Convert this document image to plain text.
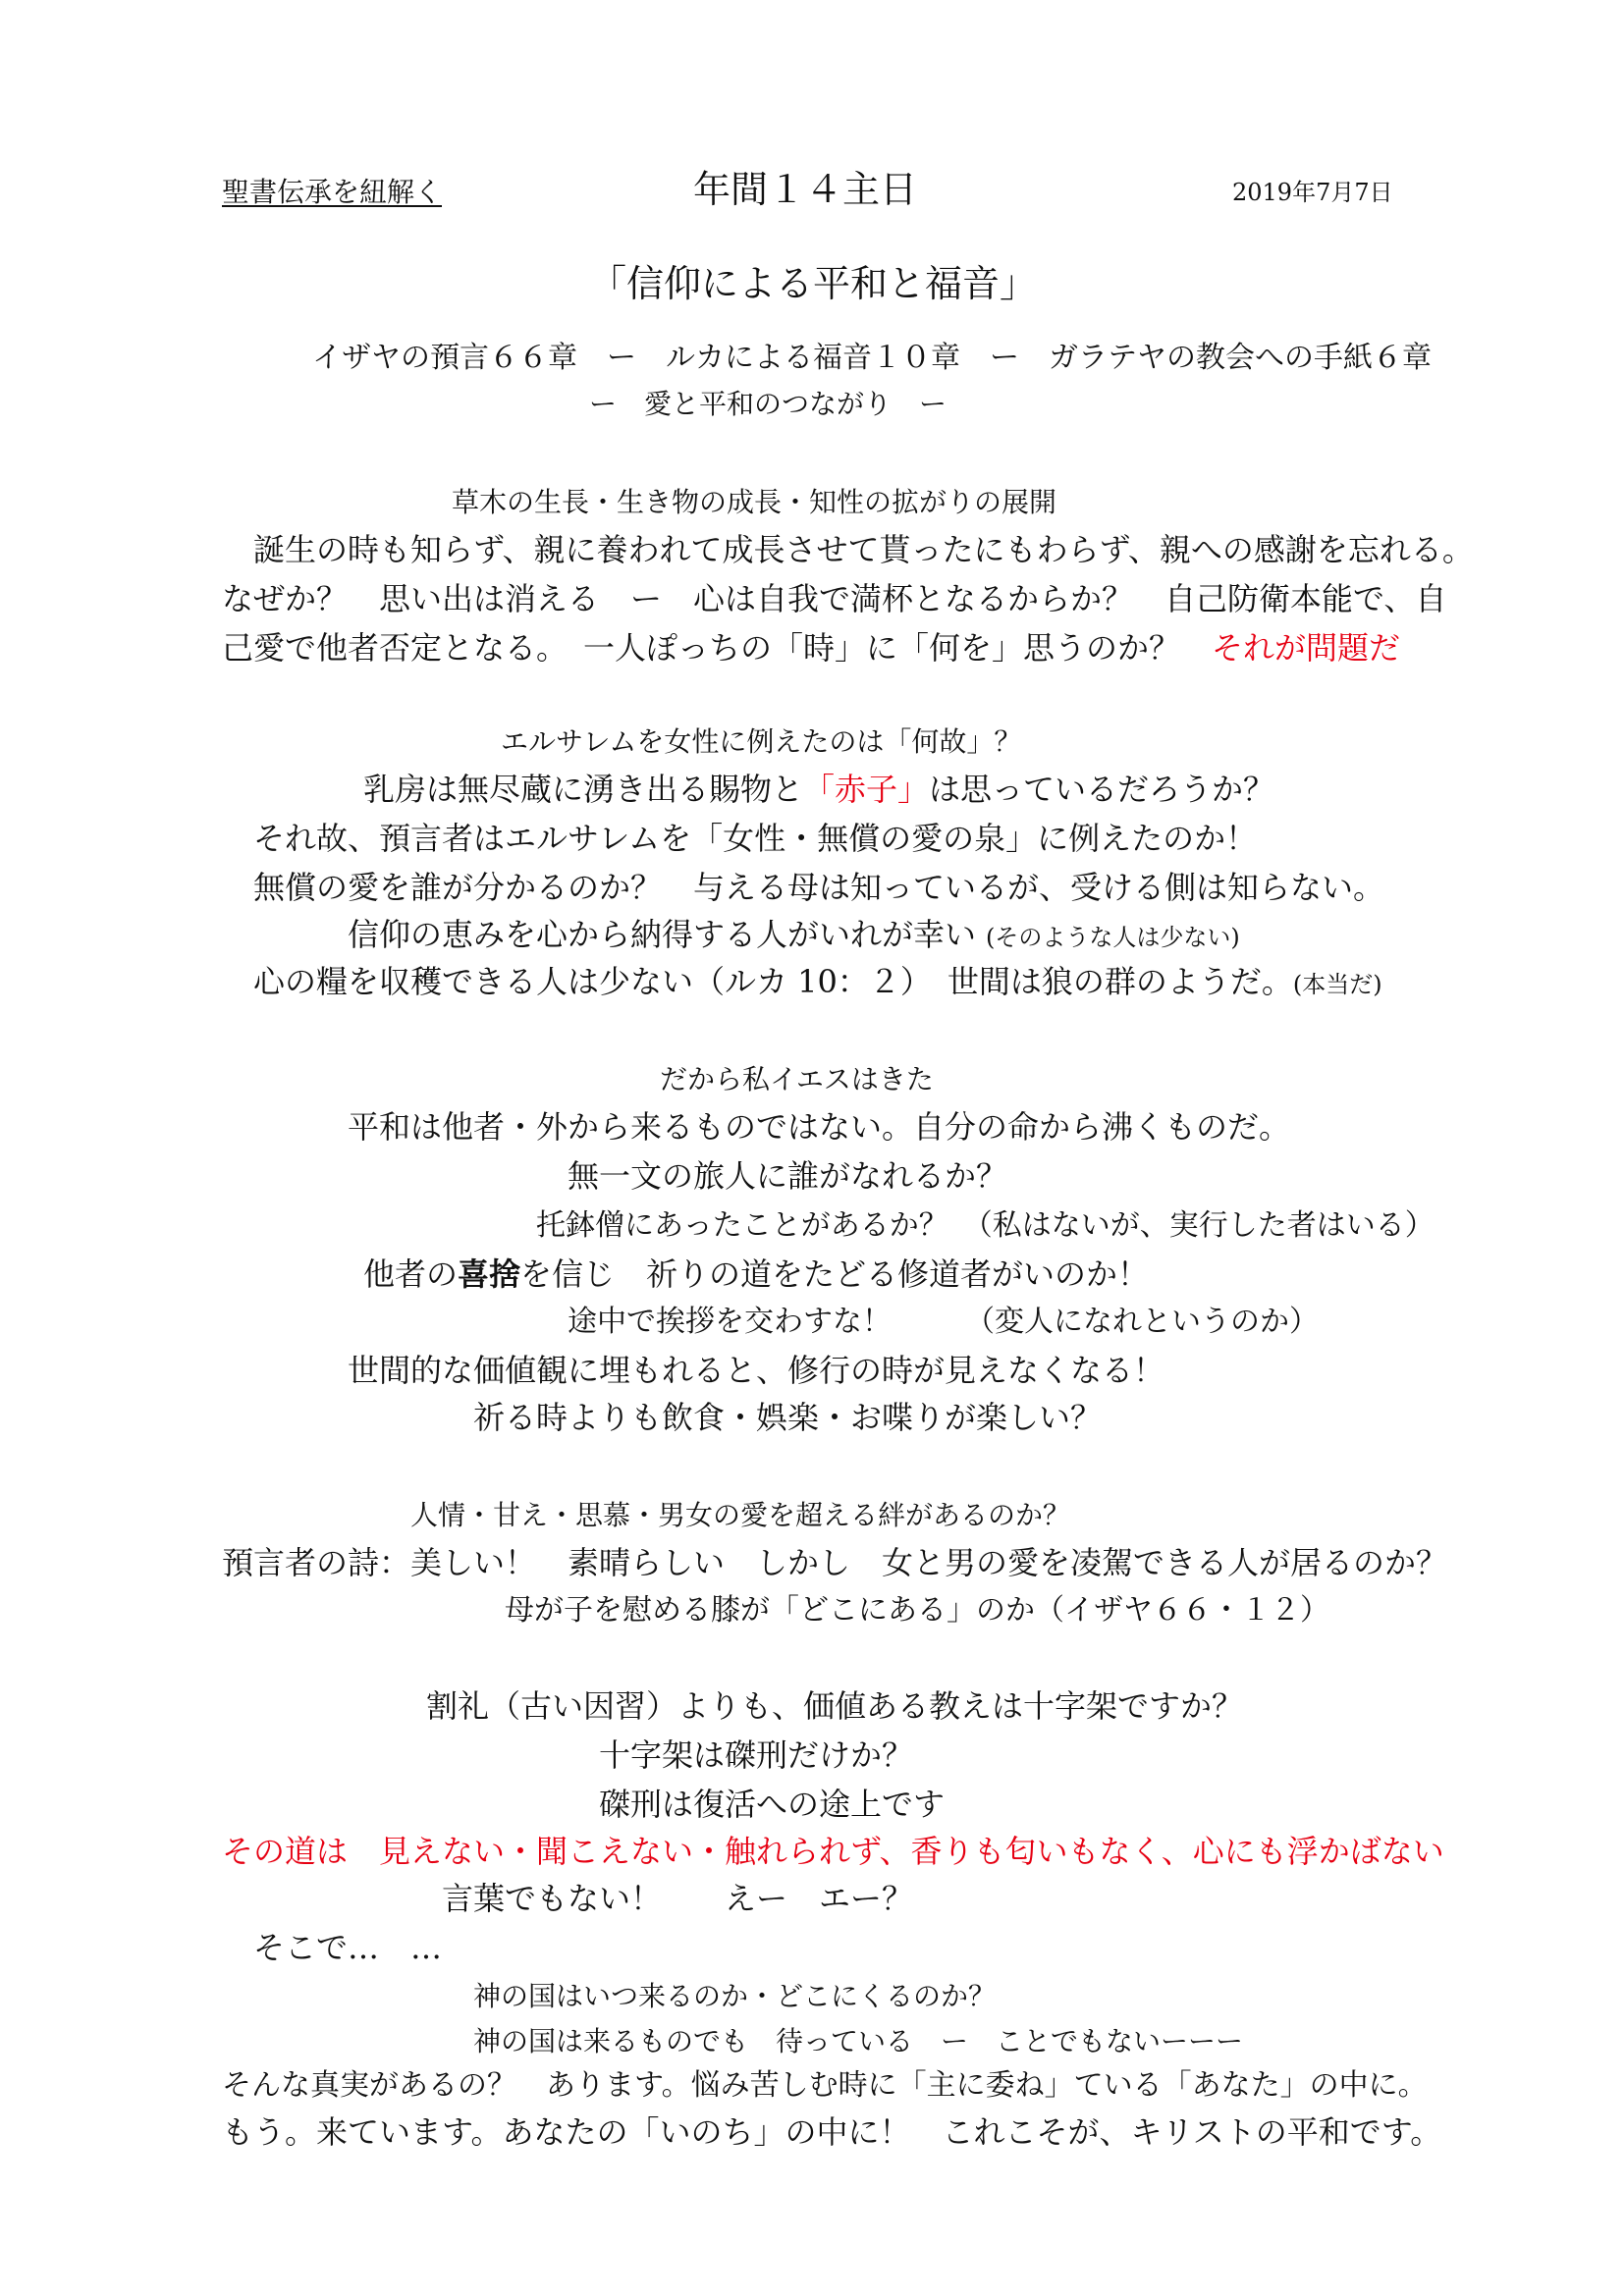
聖書伝承を紐解く	年間１４主日	2019年7月7日
「信仰による平和と福音」
イザヤの預言６６章　ー　ルカによる福音１０章　ー　ガラテヤの教会への手紙６章
ー　愛と平和のつながり　ー
草木の生長・生き物の成長・知性の拡がりの展開
誕生の時も知らず、親に養われて成長させて貰ったにもわらず、親への感謝を忘れる。
なぜか？　思い出は消える　ー　心は自我で満杯となるからか？　自己防衛本能で、自
己愛で他者否定となる。　一人ぽっちの「時」に「何を」思うのか？　それが問題だ
エルサレムを女性に例えたのは「何故」？
乳房は無尽蔵に湧き出る賜物と「赤子」は思っているだろうか？
それ故、預言者はエルサレムを「女性・無償の愛の泉」に例えたのか！
無償の愛を誰が分かるのか？　与える母は知っているが、受ける側は知らない。
信仰の恵みを心から納得する人がいれが幸い (そのような人は少ない)
心の糧を収穫できる人は少ない（ルカ 10：２）　世間は狼の群のようだ。(本当だ)
だから私イエスはきた
平和は他者・外から来るものではない。自分の命から沸くものだ。
無一文の旅人に誰がなれるか？
托鉢僧にあったことがあるか？　（私はないが、実行した者はいる）
他者の喜捨を信じ　祈りの道をたどる修道者がいのか！
途中で挨拶を交わすな！　　　（変人になれというのか）
世間的な価値観に埋もれると、修行の時が見えなくなる！
祈る時よりも飲食・娯楽・お喋りが楽しい？
人情・甘え・思慕・男女の愛を超える絆があるのか？
預言者の詩：美しい！　素晴らしい　しかし　女と男の愛を凌駕できる人が居るのか？
母が子を慰める膝が「どこにある」のか（イザヤ６６・１２）
割礼（古い因習）よりも、価値ある教えは十字架ですか？
十字架は磔刑だけか？
磔刑は復活への途上です
その道は　見えない・聞こえない・触れられず、香りも匂いもなく、心にも浮かばない
言葉でもない！　　えー　エー？
そこで…　…
神の国はいつ来るのか・どこにくるのか？
神の国は来るものでも　待っている　ー　ことでもないーーー
そんな真実があるの？　あります。悩み苦しむ時に「主に委ね」ている「あなた」の中に。
もう。来ています。あなたの「いのち」の中に！　これこそが、キリストの平和です。
